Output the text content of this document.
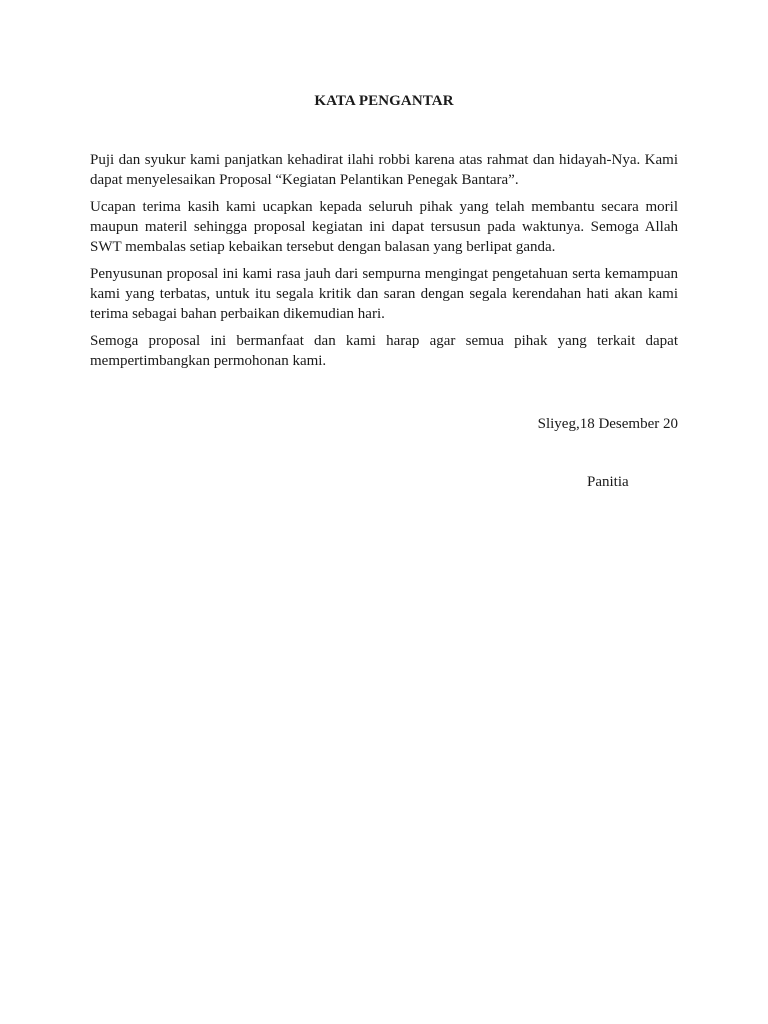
KATA PENGANTAR

Puji dan syukur kami panjatkan kehadirat ilahi robbi karena atas rahmat dan hidayah-Nya. Kami dapat menyelesaikan Proposal “Kegiatan Pelantikan Penegak Bantara”.

Ucapan terima kasih kami ucapkan kepada seluruh pihak yang telah membantu secara moril maupun materil sehingga proposal kegiatan ini dapat tersusun pada waktunya. Semoga Allah SWT membalas setiap kebaikan tersebut dengan balasan yang berlipat ganda.

Penyusunan proposal ini kami rasa jauh dari sempurna mengingat pengetahuan serta kemampuan kami yang terbatas, untuk itu segala kritik dan saran dengan segala kerendahan hati akan kami terima sebagai bahan perbaikan dikemudian hari.

Semoga proposal ini bermanfaat dan kami harap agar semua pihak yang terkait dapat mempertimbangkan permohonan kami.

Sliyeg,18 Desember 20
Panitia
